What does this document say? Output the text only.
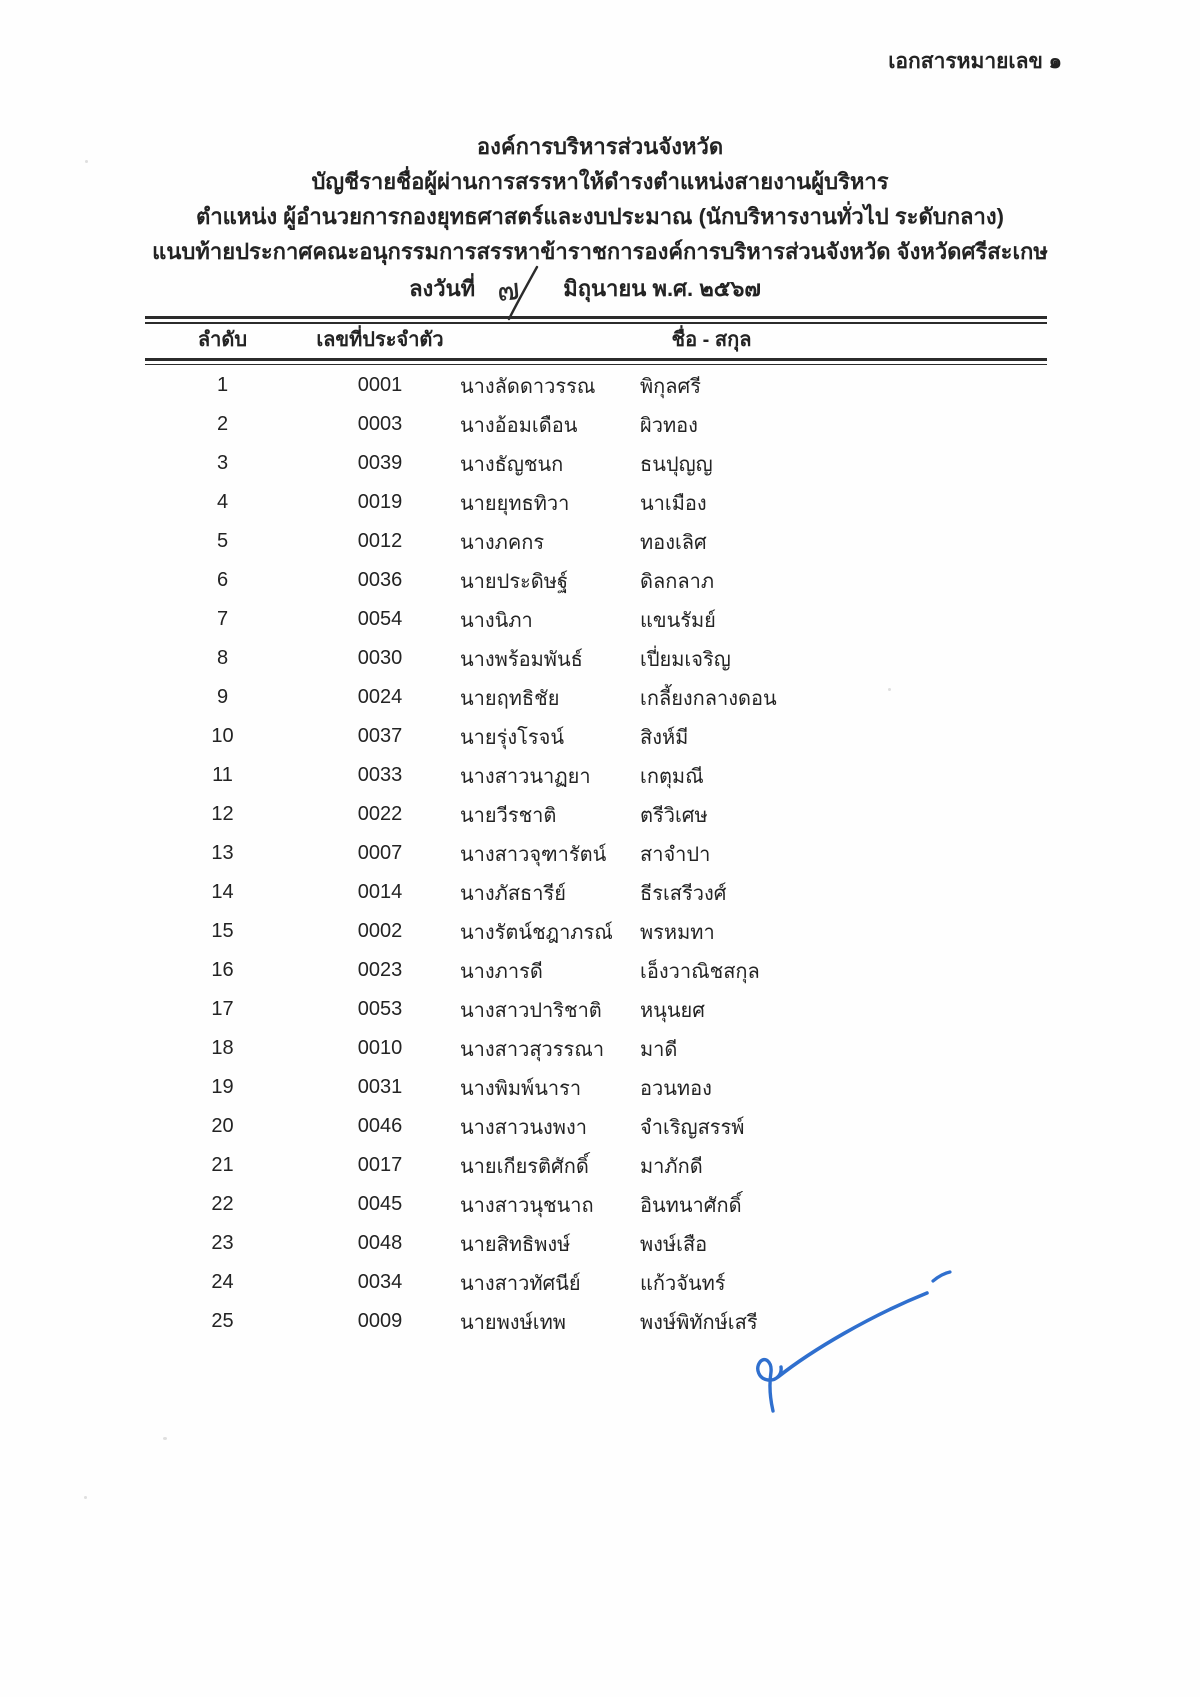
เอกสารหมายเลข ๑
องค์การบริหารส่วนจังหวัด
บัญชีรายชื่อผู้ผ่านการสรรหาให้ดำรงตำแหน่งสายงานผู้บริหาร
ตำแหน่ง ผู้อำนวยการกองยุทธศาสตร์และงบประมาณ (นักบริหารงานทั่วไป ระดับกลาง)
แนบท้ายประกาศคณะอนุกรรมการสรรหาข้าราชการองค์การบริหารส่วนจังหวัด จังหวัดศรีสะเกษ
ลงวันที่ ๗ มิถุนายน พ.ศ. ๒๕๖๗
ลำดับ	เลขที่ประจำตัว	ชื่อ - สกุล
1	0001	นางลัดดาวรรณ	พิกุลศรี
2	0003	นางอ้อมเดือน	ผิวทอง
3	0039	นางธัญชนก	ธนปุญญ
4	0019	นายยุทธทิวา	นาเมือง
5	0012	นางภคกร	ทองเลิศ
6	0036	นายประดิษฐ์	ดิลกลาภ
7	0054	นางนิภา	แขนรัมย์
8	0030	นางพร้อมพันธ์	เปี่ยมเจริญ
9	0024	นายฤทธิชัย	เกลี้ยงกลางดอน
10	0037	นายรุ่งโรจน์	สิงห์มี
11	0033	นางสาวนาฏยา	เกตุมณี
12	0022	นายวีรชาติ	ตรีวิเศษ
13	0007	นางสาวจุฑารัตน์	สาจำปา
14	0014	นางภัสธารีย์	ธีรเสรีวงศ์
15	0002	นางรัตน์ชฎาภรณ์	พรหมทา
16	0023	นางภารดี	เอ็งวาณิชสกุล
17	0053	นางสาวปาริชาติ	หนุนยศ
18	0010	นางสาวสุวรรณา	มาดี
19	0031	นางพิมพ์นารา	อวนทอง
20	0046	นางสาวนงพงา	จำเริญสรรพ์
21	0017	นายเกียรติศักดิ์	มาภักดี
22	0045	นางสาวนุชนาถ	อินทนาศักดิ์
23	0048	นายสิทธิพงษ์	พงษ์เสือ
24	0034	นางสาวทัศนีย์	แก้วจันทร์
25	0009	นายพงษ์เทพ	พงษ์พิทักษ์เสรี
